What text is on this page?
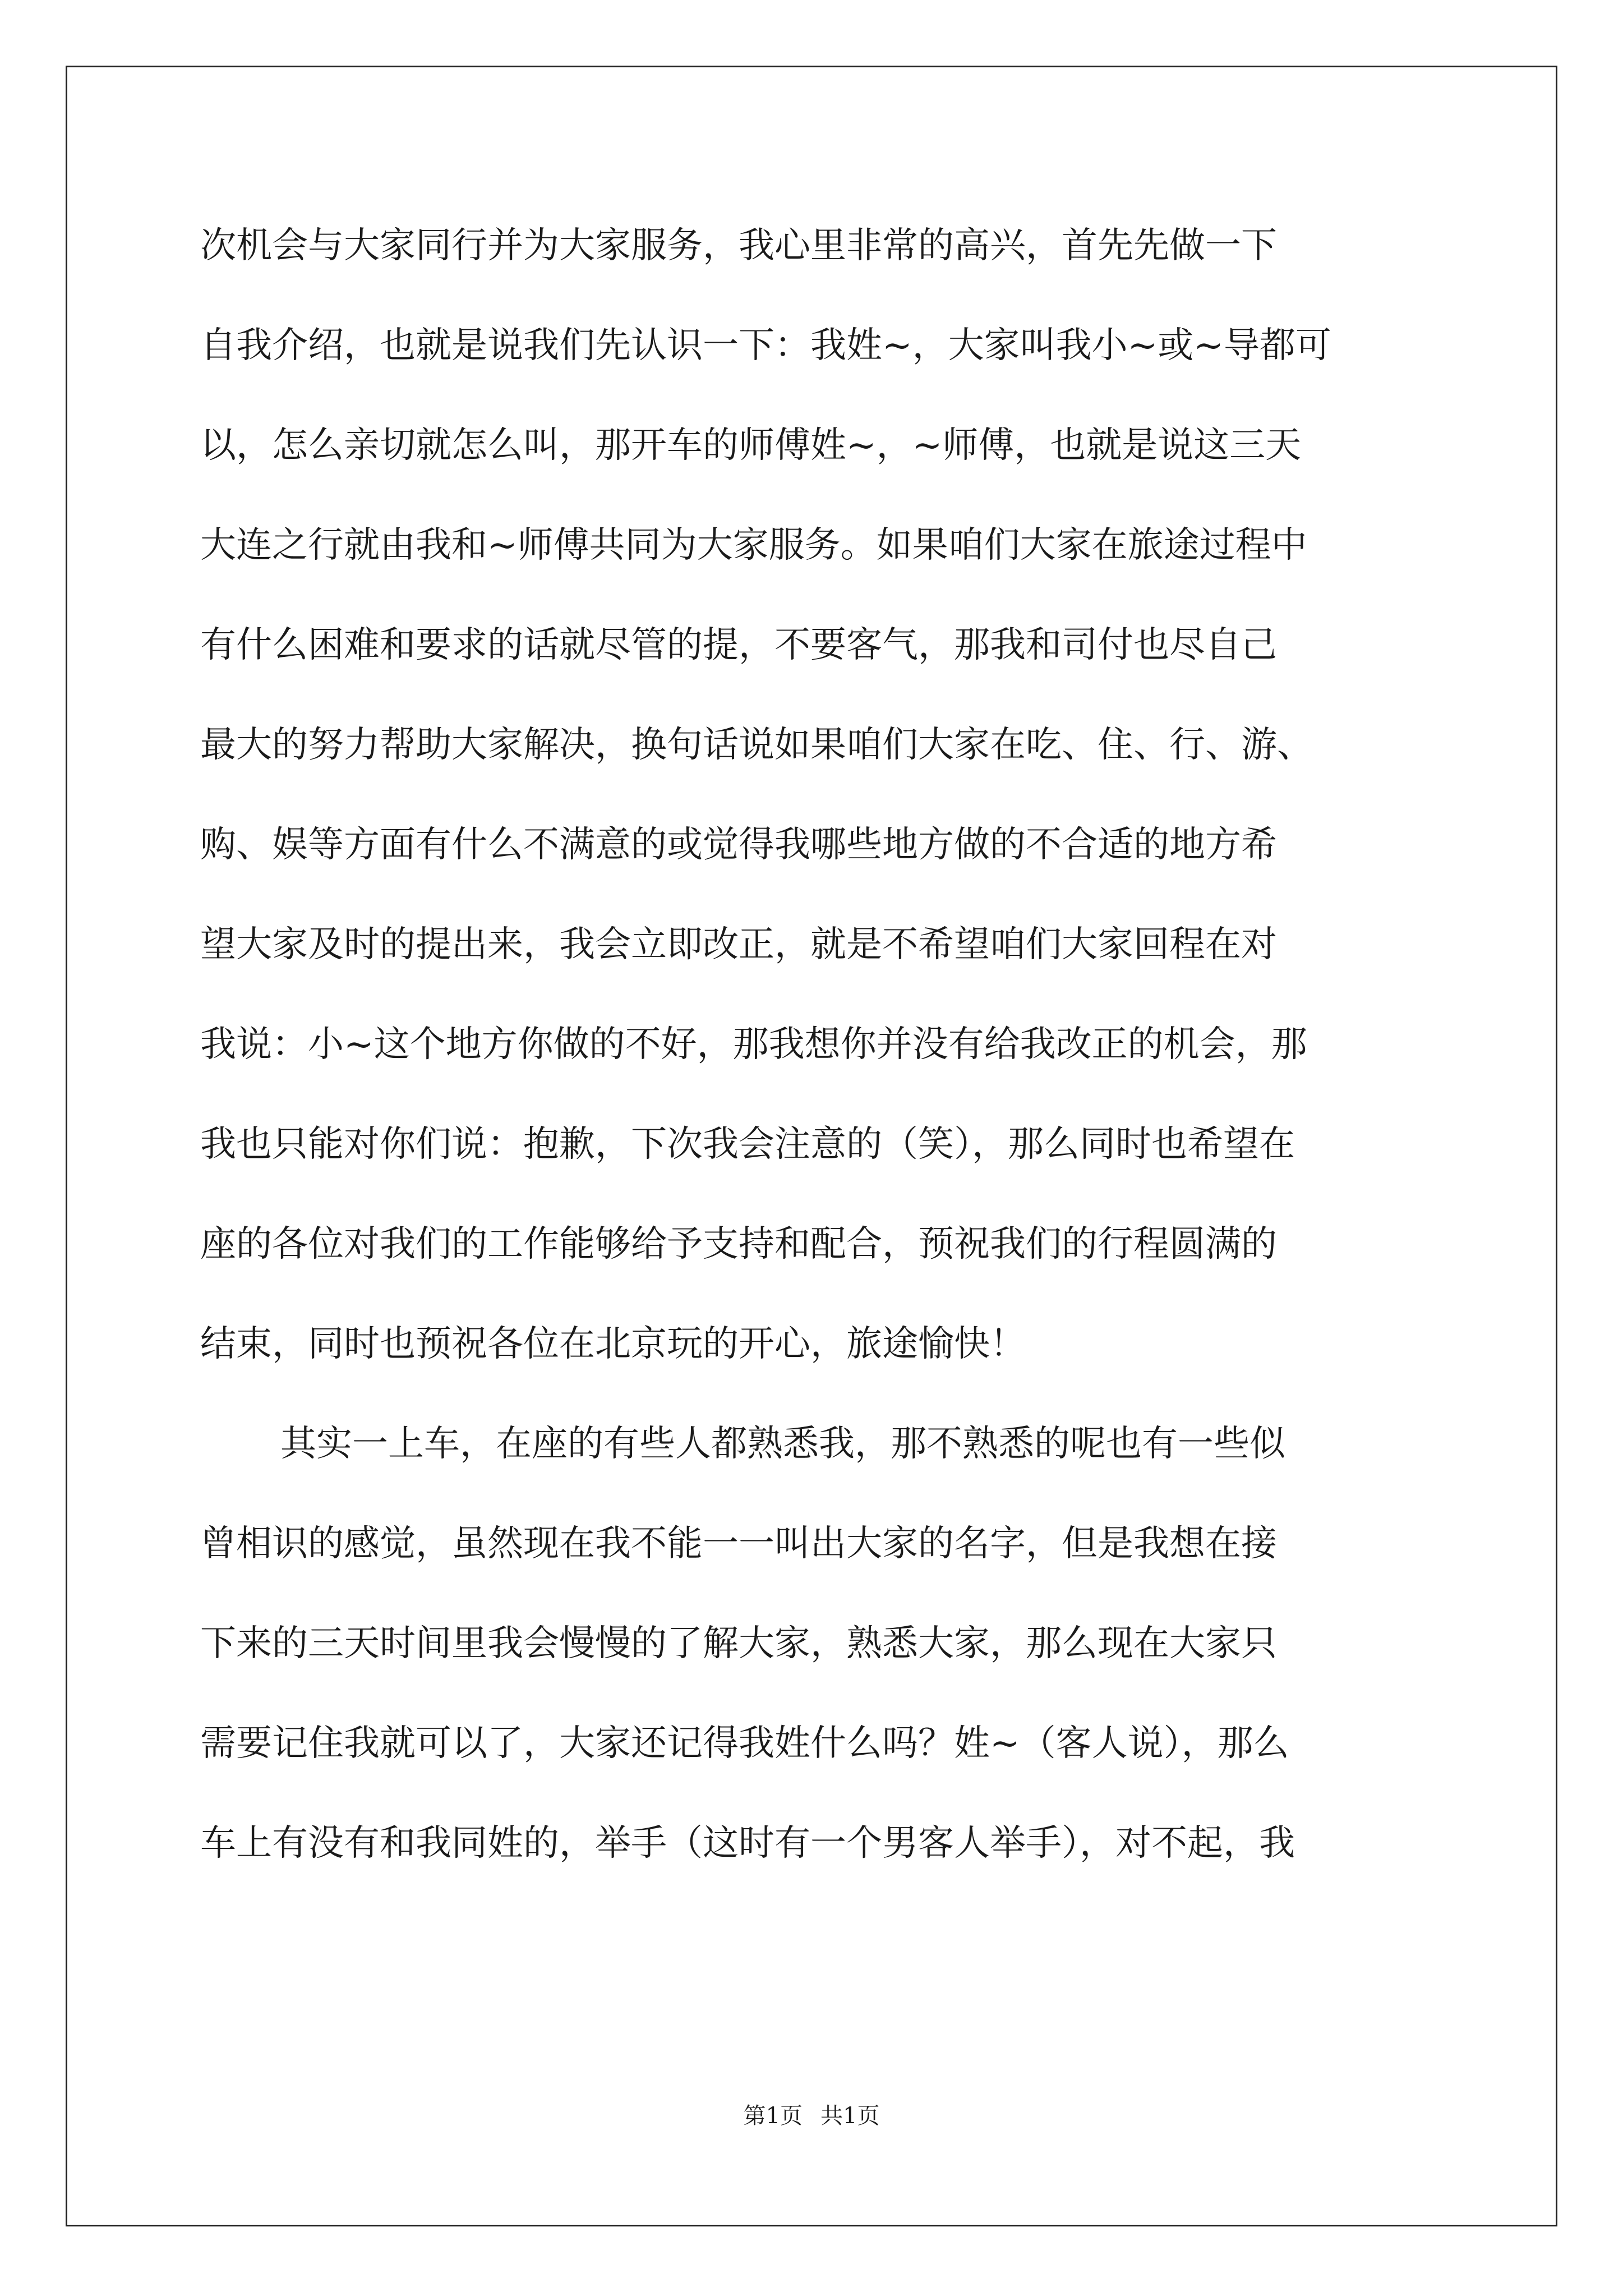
次机会与大家同行并为大家服务，我心里非常的高兴，首先先做一下
自我介绍，也就是说我们先认识一下：我姓~，大家叫我小~或~导都可
以，怎么亲切就怎么叫，那开车的师傅姓~，~师傅，也就是说这三天
大连之行就由我和~师傅共同为大家服务。如果咱们大家在旅途过程中
有什么困难和要求的话就尽管的提，不要客气，那我和司付也尽自己
最大的努力帮助大家解决，换句话说如果咱们大家在吃、住、行、游、
购、娱等方面有什么不满意的或觉得我哪些地方做的不合适的地方希
望大家及时的提出来，我会立即改正，就是不希望咱们大家回程在对
我说：小~这个地方你做的不好，那我想你并没有给我改正的机会，那
我也只能对你们说：抱歉，下次我会注意的（笑），那么同时也希望在
座的各位对我们的工作能够给予支持和配合，预祝我们的行程圆满的
结束，同时也预祝各位在北京玩的开心，旅途愉快！
其实一上车，在座的有些人都熟悉我，那不熟悉的呢也有一些似
曾相识的感觉，虽然现在我不能一一叫出大家的名字，但是我想在接
下来的三天时间里我会慢慢的了解大家，熟悉大家，那么现在大家只
需要记住我就可以了，大家还记得我姓什么吗？姓~（客人说），那么
车上有没有和我同姓的，举手（这时有一个男客人举手），对不起，我
第1页 共1页
